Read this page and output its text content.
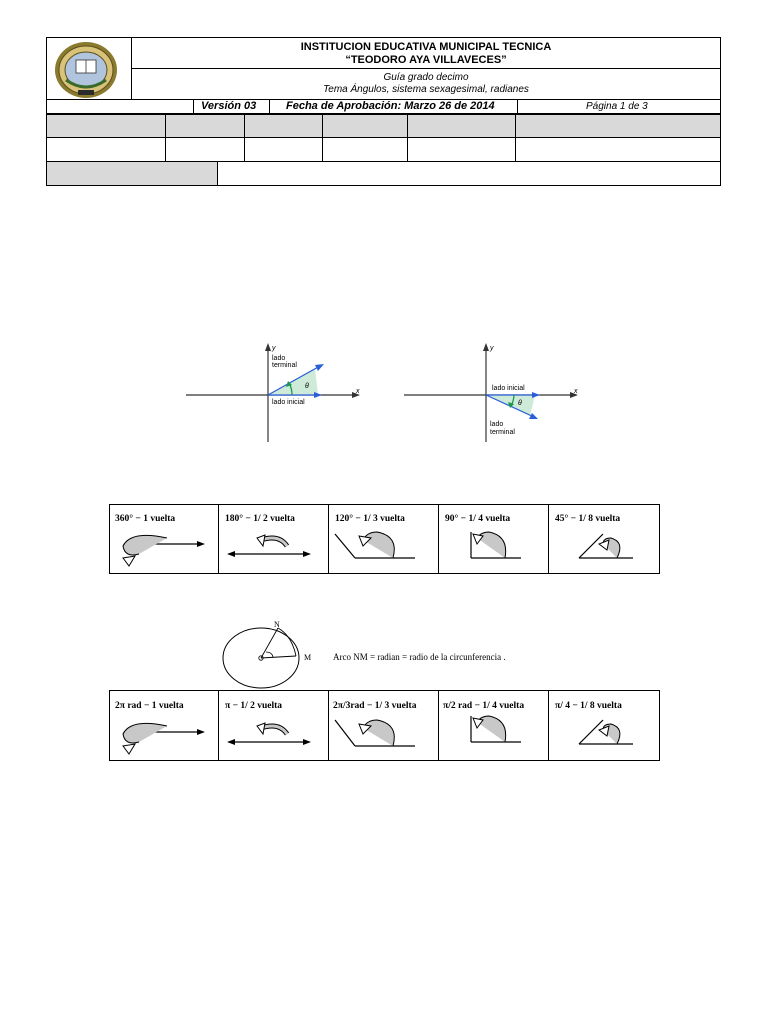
INSTITUCION EDUCATIVA MUNICIPAL TECNICA
“TEODORO AYA VILLAVECES”
Guía grado decimo
Tema Ángulos, sistema sexagesimal, radianes
Versión 03	Fecha de Aprobación: Marzo 26 de 2014	Página 1 de 3
y
x
lado
terminal
lado inicial
θ
y
x
lado inicial
lado
terminal
θ
360° − 1 vuelta	180° − 1/ 2 vuelta	120° − 1/ 3 vuelta	90° − 1/ 4 vuelta	45° − 1/ 8 vuelta
N
M Arco NM = radian = radio de la circunferencia .
2π rad − 1 vuelta	π − 1/ 2 vuelta	2π/3rad − 1/ 3 vuelta	π/2 rad − 1/ 4 vuelta	π/ 4 − 1/ 8 vuelta
